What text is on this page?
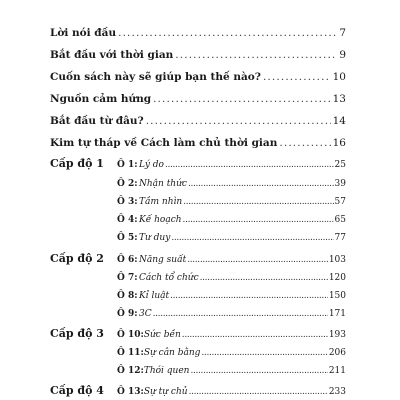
Lời nói đầu . . .	7
Bắt đầu với thời gian . . .	9
Cuốn sách này sẽ giúp bạn thế nào? . . .	10
Nguồn cảm hứng . . .	13
Bắt đầu từ đâu? . . .	14
Kim tự tháp về Cách làm chủ thời gian . . .	16
Cấp độ 1 Ô 1: Lý do . . .	25
Ô 2: Nhận thức . . .	39
Ô 3: Tầm nhìn . . .	57
Ô 4: Kế hoạch . . .	65
Ô 5: Tư duy . . .	77
Cấp độ 2 Ô 6: Năng suất . . .	103
Ô 7: Cách tổ chức . . .	120
Ô 8: Kỉ luật . . .	150
Ô 9: 3C . . .	171
Cấp độ 3 Ô 10: Sức bền . . .	193
Ô 11: Sự cân bằng . . .	206
Ô 12: Thói quen . . .	211
Cấp độ 4 Ô 13: Sự tự chủ . . .	233
